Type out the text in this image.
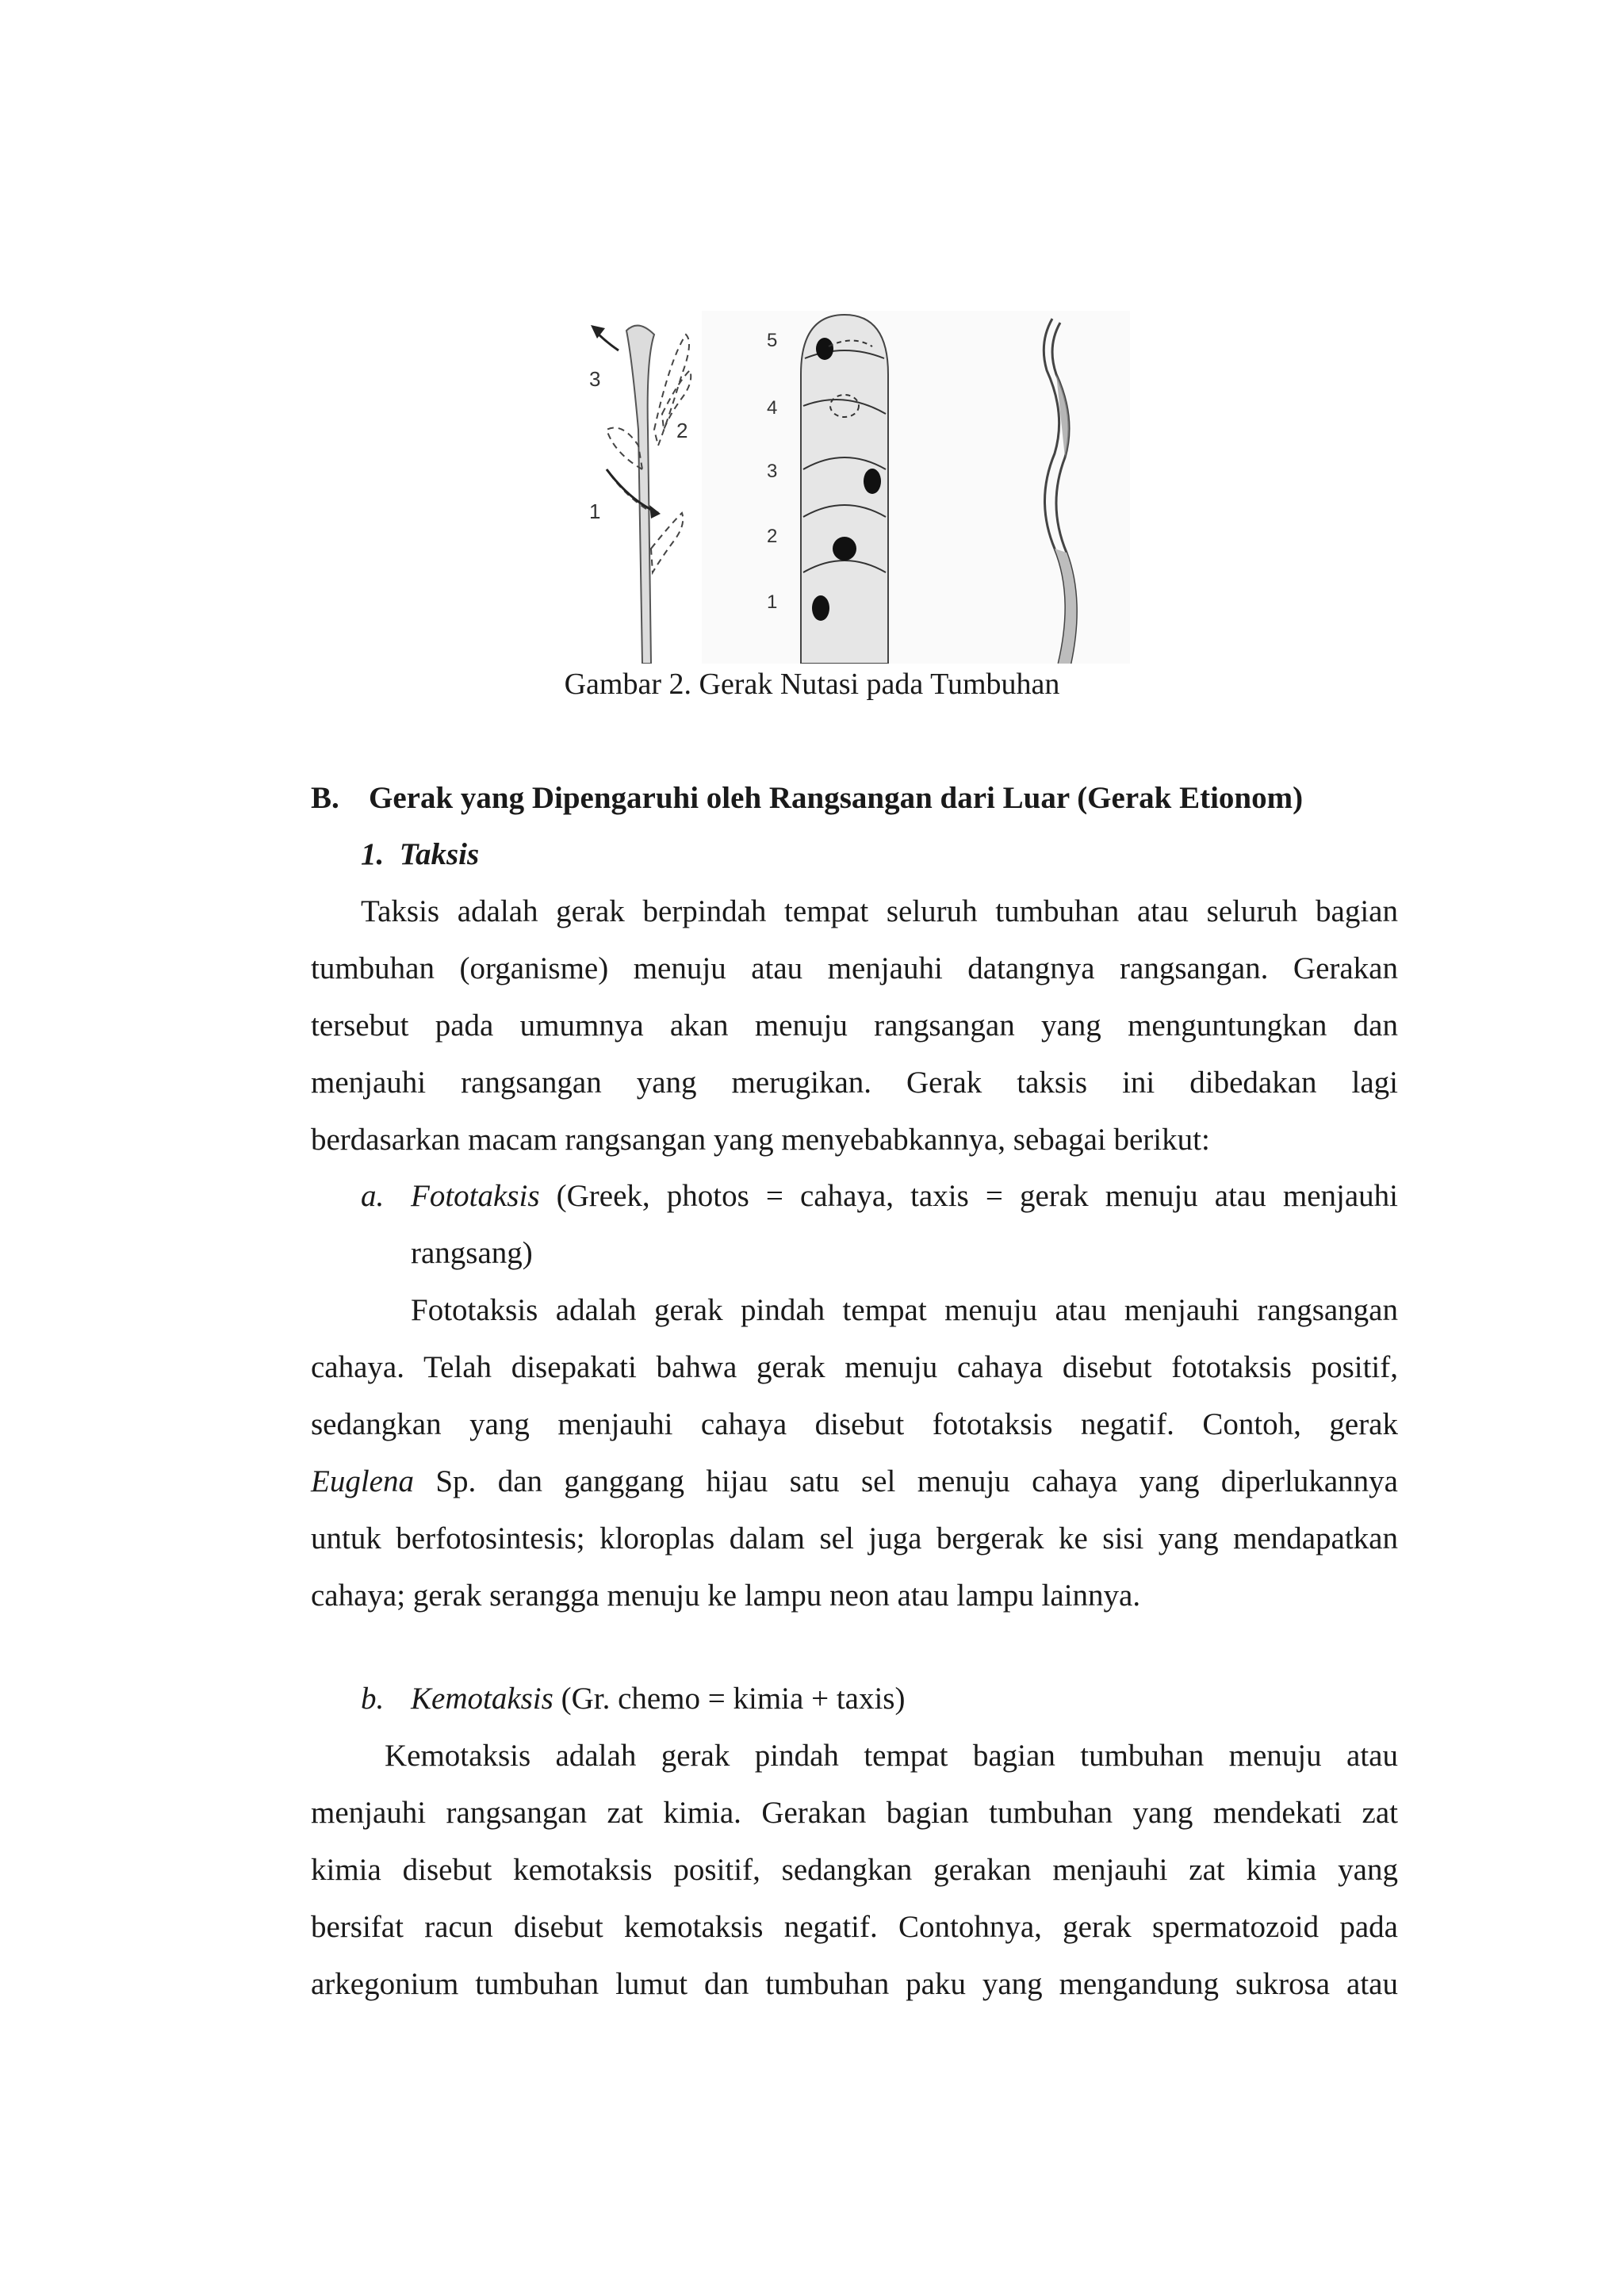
3
2
1
5
4
3
2
1
Gambar 2. Gerak Nutasi pada Tumbuhan
B. Gerak yang Dipengaruhi oleh Rangsangan dari Luar (Gerak Etionom)
1. Taksis
Taksis adalah gerak berpindah tempat seluruh tumbuhan atau seluruh bagian
tumbuhan (organisme) menuju atau menjauhi datangnya rangsangan. Gerakan
tersebut pada umumnya akan menuju rangsangan yang menguntungkan dan
menjauhi rangsangan yang merugikan. Gerak taksis ini dibedakan lagi
berdasarkan macam rangsangan yang menyebabkannya, sebagai berikut:
a. Fototaksis (Greek, photos = cahaya, taxis = gerak menuju atau menjauhi
rangsang)
Fototaksis adalah gerak pindah tempat menuju atau menjauhi rangsangan
cahaya. Telah disepakati bahwa gerak menuju cahaya disebut fototaksis positif,
sedangkan yang menjauhi cahaya disebut fototaksis negatif. Contoh, gerak
Euglena Sp. dan ganggang hijau satu sel menuju cahaya yang diperlukannya
untuk berfotosintesis; kloroplas dalam sel juga bergerak ke sisi yang mendapatkan
cahaya; gerak serangga menuju ke lampu neon atau lampu lainnya.
b. Kemotaksis (Gr. chemo = kimia + taxis)
Kemotaksis adalah gerak pindah tempat bagian tumbuhan menuju atau
menjauhi rangsangan zat kimia. Gerakan bagian tumbuhan yang mendekati zat
kimia disebut kemotaksis positif, sedangkan gerakan menjauhi zat kimia yang
bersifat racun disebut kemotaksis negatif. Contohnya, gerak spermatozoid pada
arkegonium tumbuhan lumut dan tumbuhan paku yang mengandung sukrosa atau
